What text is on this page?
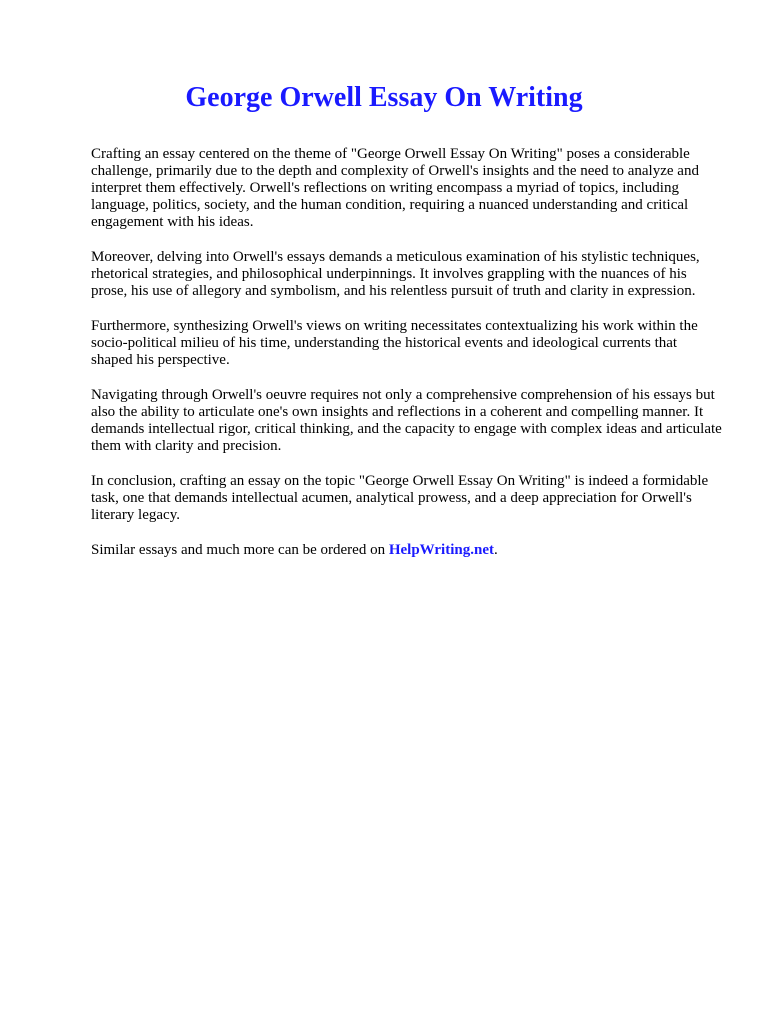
George Orwell Essay On Writing

Crafting an essay centered on the theme of "George Orwell Essay On Writing" poses a considerable challenge, primarily due to the depth and complexity of Orwell's insights and the need to analyze and interpret them effectively. Orwell's reflections on writing encompass a myriad of topics, including language, politics, society, and the human condition, requiring a nuanced understanding and critical engagement with his ideas.

Moreover, delving into Orwell's essays demands a meticulous examination of his stylistic techniques, rhetorical strategies, and philosophical underpinnings. It involves grappling with the nuances of his prose, his use of allegory and symbolism, and his relentless pursuit of truth and clarity in expression.

Furthermore, synthesizing Orwell's views on writing necessitates contextualizing his work within the socio-political milieu of his time, understanding the historical events and ideological currents that shaped his perspective.

Navigating through Orwell's oeuvre requires not only a comprehensive comprehension of his essays but also the ability to articulate one's own insights and reflections in a coherent and compelling manner. It demands intellectual rigor, critical thinking, and the capacity to engage with complex ideas and articulate them with clarity and precision.

In conclusion, crafting an essay on the topic "George Orwell Essay On Writing" is indeed a formidable task, one that demands intellectual acumen, analytical prowess, and a deep appreciation for Orwell's literary legacy.

Similar essays and much more can be ordered on HelpWriting.net.
